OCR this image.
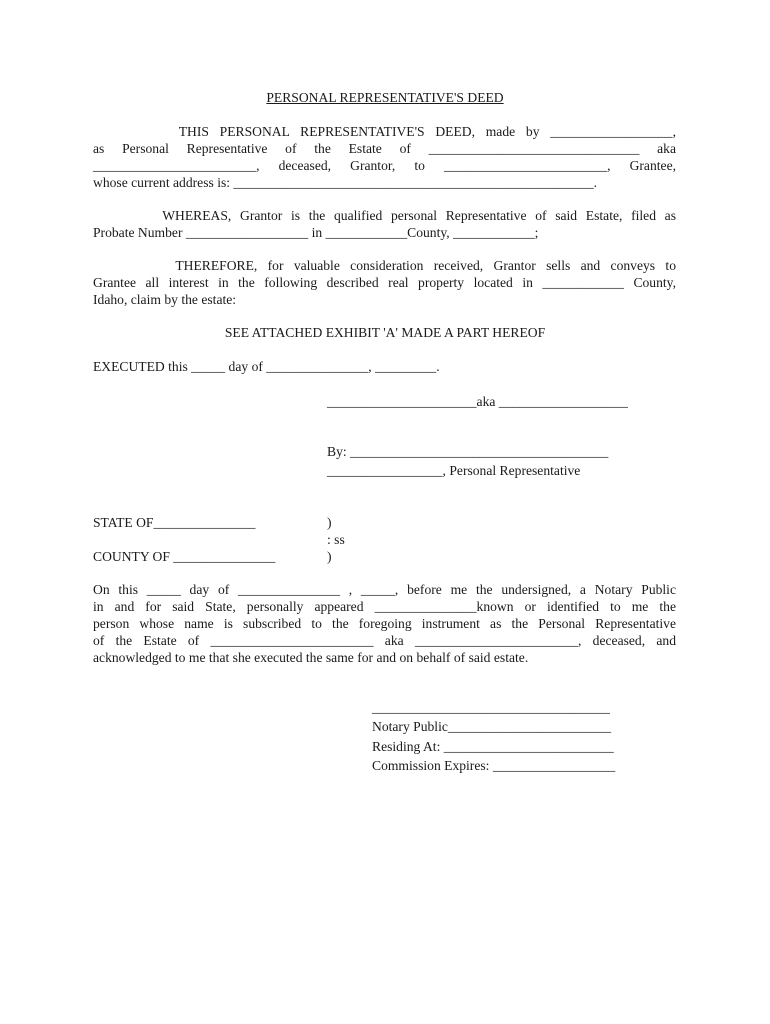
PERSONAL REPRESENTATIVE'S DEED
THIS PERSONAL REPRESENTATIVE'S DEED, made by __________________,
as Personal Representative of the Estate of _______________________________ aka
________________________, deceased, Grantor, to ________________________, Grantee,
whose current address is: _____________________________________________________.
WHEREAS, Grantor is the qualified personal Representative of said Estate, filed as
Probate Number __________________ in ____________County, ____________;
THEREFORE, for valuable consideration received, Grantor sells and conveys to
Grantee all interest in the following described real property located in ____________ County,
Idaho, claim by the estate:
SEE ATTACHED EXHIBIT 'A' MADE A PART HEREOF
EXECUTED this _____ day of _______________, _________.
______________________aka ___________________
By: ______________________________________
_________________, Personal Representative
STATE OF_______________	)
: ss
COUNTY OF _______________	)
On this _____ day of _______________ , _____, before me the undersigned, a Notary Public
in and for said State, personally appeared _______________known or identified to me the
person whose name is subscribed to the foregoing instrument as the Personal Representative
of the Estate of ________________________ aka ________________________, deceased, and
acknowledged to me that she executed the same for and on behalf of said estate.
___________________________________
Notary Public________________________
Residing At: _________________________
Commission Expires: __________________
